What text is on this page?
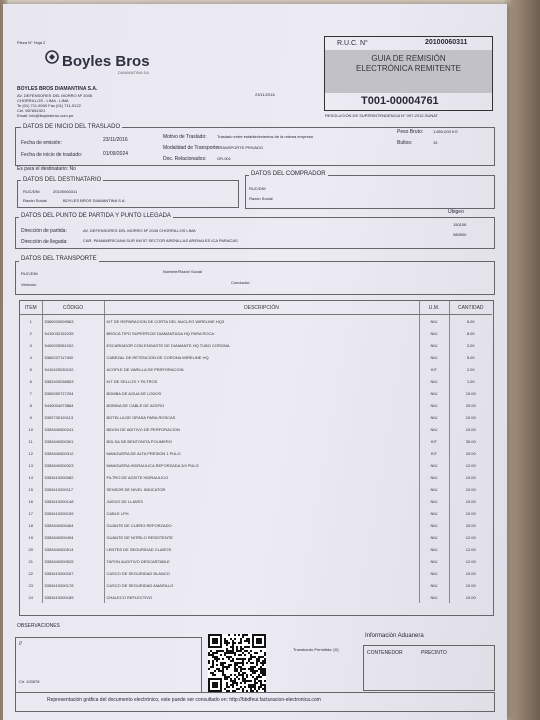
Pieza N° Hoja 2
Boyles Bros
DIAMANTINA SA
BOYLES BROS DIAMANTINA S.A.
AV. DEFENSORES DEL MORRO Nº 2045
CHORRILLOS - LIMA - LIMA
Te (01) 711-5000 Fax (01) 711-5122
Cel. 987654321
Email: info@boylesbros.com.pe
23/11/2016
R.U.C. N°	20100060311
GUIA DE REMISIÓN ELECTRÓNICA REMITENTE
T001-00004761
RESOLUCIÓN DE SUPERINTENDENCIA N° 097-2012-SUNAT
DATOS DE INICIO DEL TRASLADO
Fecha de emisión:	23/11/2016
Fecha de inicio de traslado:	01/09/2024
Motivo de Traslado:	Traslado entre establecimientos de la misma empresa
Modalidad de Transporte:
TRANSPORTE PRIVADO
Doc. Relacionados:	GR-001
Peso Bruto: 1.650,000 KG
Bultos:	15
Es para el destinatario: No
DATOS DEL DESTINATARIO
RUC/DNI	20100060311
Razón Social	BOYLES BROS DIAMANTINA S.A.
DATOS DEL COMPRADOR
RUC/DNI
Razón Social
DATOS DEL PUNTO DE PARTIDA Y PUNTO LLEGADA
Ubigeo
Dirección de partida:	AV. DEFENSORES DEL MORRO Nº 2045 CHORRILLOS LIMA
150108
Dirección de llegada:	CAR. PANAMERICANA SUR KM 57 SECTOR ARENILLAS ARENALES ICA PARACAS
080500
DATOS DEL TRANSPORTE
RUC/DNI	Nombre/Razón Social
Vehículo	Conductor:
ITEM	CÓDIGO	DESCRIPCIÓN	U.M.	CANTIDAD
1	5360000009563	KIT DE REPARACION DE CORTA DEL NUCLEO WIRELINE HQ3	NIU	5.00
2	5410032152239	BROCA TIPO SUPERFICIE DIAMANTADA HQ PARA ROCA	NIU	8.00
3	5400025051002	ESCARIADOR CON ENGASTE DE DIAMANTE HQ TUBO CORONA	NIU	3.00
4	5360237117400	CABEZAL DE RETENCION DE CORONA WIRELINE HQ	NIU	5.00
5	5410420030102	ACOPLE DE VARILLA DE PERFORACION	KIT	2.00
6	5352400038853	KIT DE SELLOS Y FILTROS	NIU	1.00
7	5350050727294	BOMBA DE AGUA DE LODOS	NIU	15.00
8	5440004073884	BOBINA DE CABLE DE ACERO	NIU	20.00
9	5352730120113	BOTELLA DE GRASA PARA ROSCAS	NIU	10.00
10	5352840000241	BIDON DE ADITIVO DE PERFORACION	NIU	10.00
11	5352840000301	BOLSA DE BENTONITA POLIMERO	KIT	30.00
12	5352840000312	MANGUERA DE ALTA PRESION 1 PULG	KIT	20.00
13	5352840000323	MANGUERA HIDRAULICA REFORZADA 3/4 PULG	NIU	12.00
14	5353410000082	FILTRO DE ACEITE HIDRAULICO	NIU	10.00
15	5353410000117	SENSOR DE NIVEL INDICATOR	NIU	10.00
16	5353410000148	JUEGO DE LLAVES	NIU	10.00
17	5353410000159	CABLE LPH	NIU	10.00
18	5352840000464	GUANTE DE CUERO REFORZADO	NIU	20.00
19	5352840000494	GUANTE DE NITRILO RESISTENTE	NIU	12.00
20	5352840000514	LENTES DE SEGURIDAD CLAROS	NIU	12.00
21	5352840000525	TAPON AUDITIVO DESCARTABLE	NIU	12.00
22	5353410000167	CASCO DE SEGURIDAD BLANCO	NIU	10.00
23	5353410000178	CASCO DE SEGURIDAD AMARILLO	NIU	10.00
24	5353410000189	CHALECO REFLECTIVO	NIU	10.00
OBSERVACIONES
//
Cir. 103578
Transbordo Permitido: [X]
Información Aduanera
CONTENEDOR	PRECINTO
Representación gráfica del documento electrónico, este puede ser consultado en: http://bbdfeui.facturacion-electronica.com
